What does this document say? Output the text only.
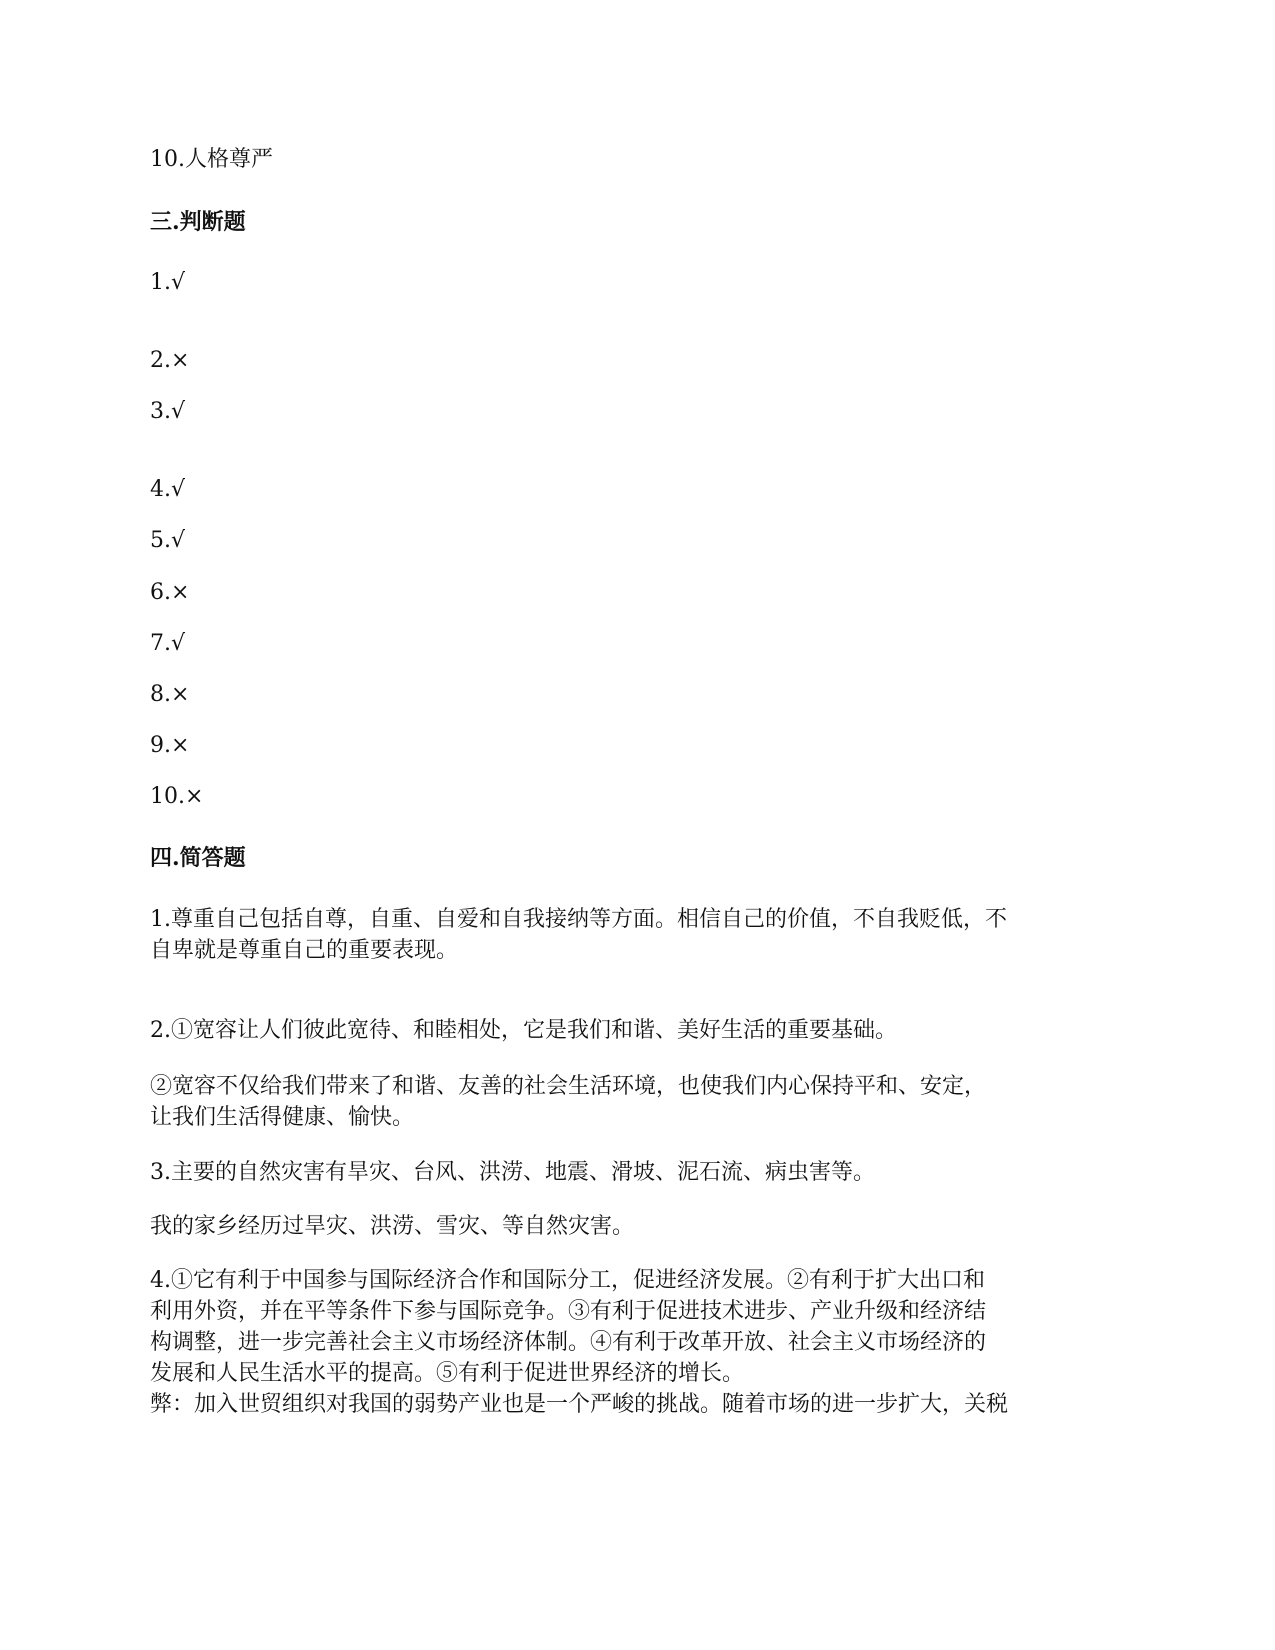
10.人格尊严
三.判断题
1.√
2.×
3.√
4.√
5.√
6.×
7.√
8.×
9.×
10.×
四.简答题
1.尊重自己包括自尊，自重、自爱和自我接纳等方面。相信自己的价值，不自我贬低，不
自卑就是尊重自己的重要表现。
2.①宽容让人们彼此宽待、和睦相处，它是我们和谐、美好生活的重要基础。
②宽容不仅给我们带来了和谐、友善的社会生活环境，也使我们内心保持平和、安定，
让我们生活得健康、愉快。
3.主要的自然灾害有旱灾、台风、洪涝、地震、滑坡、泥石流、病虫害等。
我的家乡经历过旱灾、洪涝、雪灾、等自然灾害。
4.①它有利于中国参与国际经济合作和国际分工，促进经济发展。②有利于扩大出口和
利用外资，并在平等条件下参与国际竞争。③有利于促进技术进步、产业升级和经济结
构调整，进一步完善社会主义市场经济体制。④有利于改革开放、社会主义市场经济的
发展和人民生活水平的提高。⑤有利于促进世界经济的增长。
弊：加入世贸组织对我国的弱势产业也是一个严峻的挑战。随着市场的进一步扩大，关税
